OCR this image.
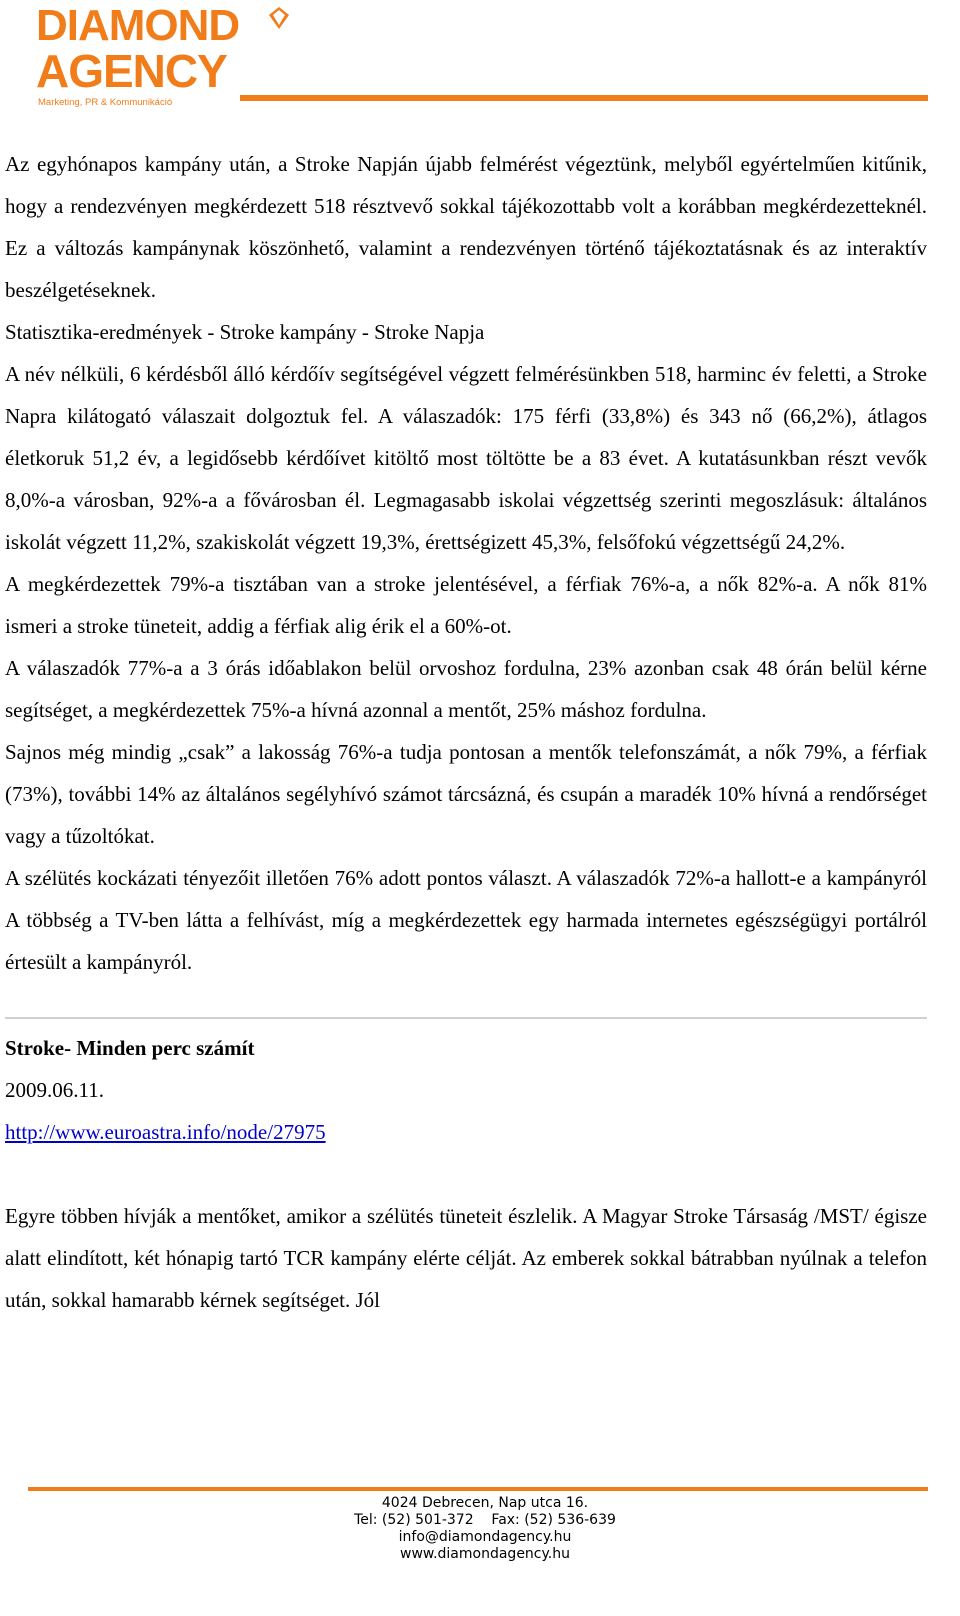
DIAMOND
AGENCY
Marketing, PR & Kommunikáció

Az egyhónapos kampány után, a Stroke Napján újabb felmérést végeztünk, melyből egyértelműen kitűnik, hogy a rendezvényen megkérdezett 518 résztvevő sokkal tájékozottabb volt a korábban megkérdezetteknél. Ez a változás kampánynak köszönhető, valamint a rendezvényen történő tájékoztatásnak és az interaktív beszélgetéseknek.

Statisztika-eredmények - Stroke kampány - Stroke Napja

A név nélküli, 6 kérdésből álló kérdőív segítségével végzett felmérésünkben 518, harminc év feletti, a Stroke Napra kilátogató válaszait dolgoztuk fel. A válaszadók: 175 férfi (33,8%) és 343 nő (66,2%), átlagos életkoruk 51,2 év, a legidősebb kérdőívet kitöltő most töltötte be a 83 évet. A kutatásunkban részt vevők 8,0%-a városban, 92%-a a fővárosban él. Legmagasabb iskolai végzettség szerinti megoszlásuk: általános iskolát végzett 11,2%, szakiskolát végzett 19,3%, érettségizett 45,3%, felsőfokú végzettségű 24,2%.

A megkérdezettek 79%-a tisztában van a stroke jelentésével, a férfiak 76%-a, a nők 82%-a. A nők 81% ismeri a stroke tüneteit, addig a férfiak alig érik el a 60%-ot.

A válaszadók 77%-a a 3 órás időablakon belül orvoshoz fordulna, 23% azonban csak 48 órán belül kérne segítséget, a megkérdezettek 75%-a hívná azonnal a mentőt, 25% máshoz fordulna.

Sajnos még mindig „csak” a lakosság 76%-a tudja pontosan a mentők telefonszámát, a nők 79%, a férfiak (73%), további 14% az általános segélyhívó számot tárcsázná, és csupán a maradék 10% hívná a rendőrséget vagy a tűzoltókat.

A szélütés kockázati tényezőit illetően 76% adott pontos választ. A válaszadók 72%-a hallott-e a kampányról A többség a TV-ben látta a felhívást, míg a megkérdezettek egy harmada internetes egészségügyi portálról értesült a kampányról.

Stroke- Minden perc számít

2009.06.11.

http://www.euroastra.info/node/27975

Egyre többen hívják a mentőket, amikor a szélütés tüneteit észlelik. A Magyar Stroke Társaság /MST/ égisze alatt elindított, két hónapig tartó TCR kampány elérte célját. Az emberek sokkal bátrabban nyúlnak a telefon után, sokkal hamarabb kérnek segítséget. Jól

4024 Debrecen, Nap utca 16.
Tel: (52) 501-372    Fax: (52) 536-639
info@diamondagency.hu
www.diamondagency.hu
